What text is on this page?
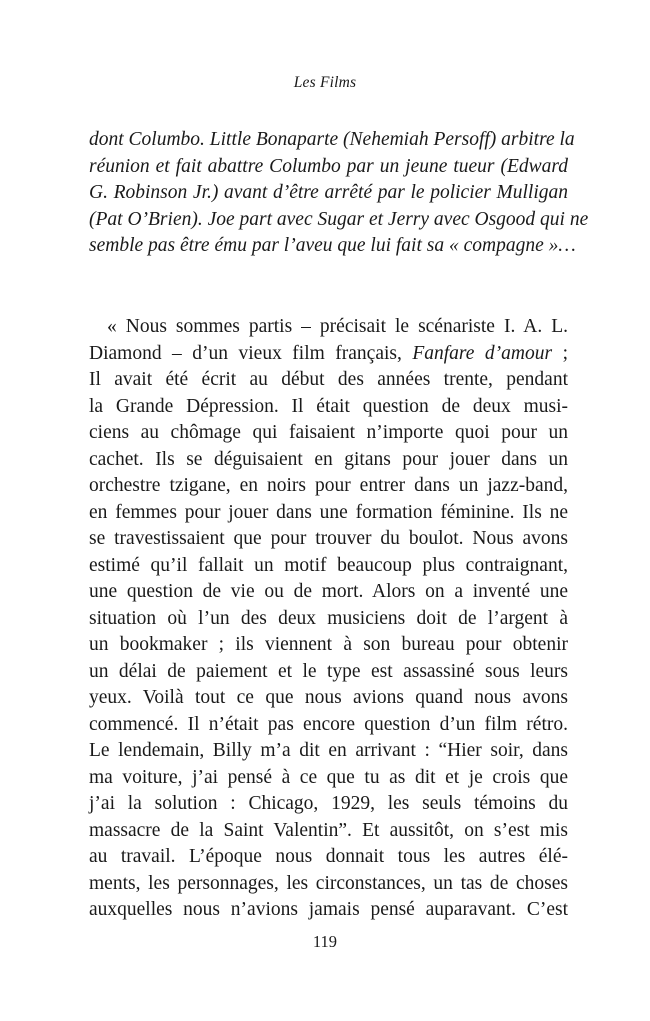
Les Films
dont Columbo. Little Bonaparte (Nehemiah Persoff) arbitre la
réunion et fait abattre Columbo par un jeune tueur (Edward
G. Robinson Jr.) avant d’être arrêté par le policier Mulligan
(Pat O’Brien). Joe part avec Sugar et Jerry avec Osgood qui ne
semble pas être ému par l’aveu que lui fait sa « compagne »…
« Nous sommes partis – précisait le scénariste I. A. L.
Diamond – d’un vieux film français, Fanfare d’amour ;
Il avait été écrit au début des années trente, pendant
la Grande Dépression. Il était question de deux musi-
ciens au chômage qui faisaient n’importe quoi pour un
cachet. Ils se déguisaient en gitans pour jouer dans un
orchestre tzigane, en noirs pour entrer dans un jazz-band,
en femmes pour jouer dans une formation féminine. Ils ne
se travestissaient que pour trouver du boulot. Nous avons
estimé qu’il fallait un motif beaucoup plus contraignant,
une question de vie ou de mort. Alors on a inventé une
situation où l’un des deux musiciens doit de l’argent à
un bookmaker ; ils viennent à son bureau pour obtenir
un délai de paiement et le type est assassiné sous leurs
yeux. Voilà tout ce que nous avions quand nous avons
commencé. Il n’était pas encore question d’un film rétro.
Le lendemain, Billy m’a dit en arrivant : “Hier soir, dans
ma voiture, j’ai pensé à ce que tu as dit et je crois que
j’ai la solution : Chicago, 1929, les seuls témoins du
massacre de la Saint Valentin”. Et aussitôt, on s’est mis
au travail. L’époque nous donnait tous les autres élé-
ments, les personnages, les circonstances, un tas de choses
auxquelles nous n’avions jamais pensé auparavant. C’est
119
